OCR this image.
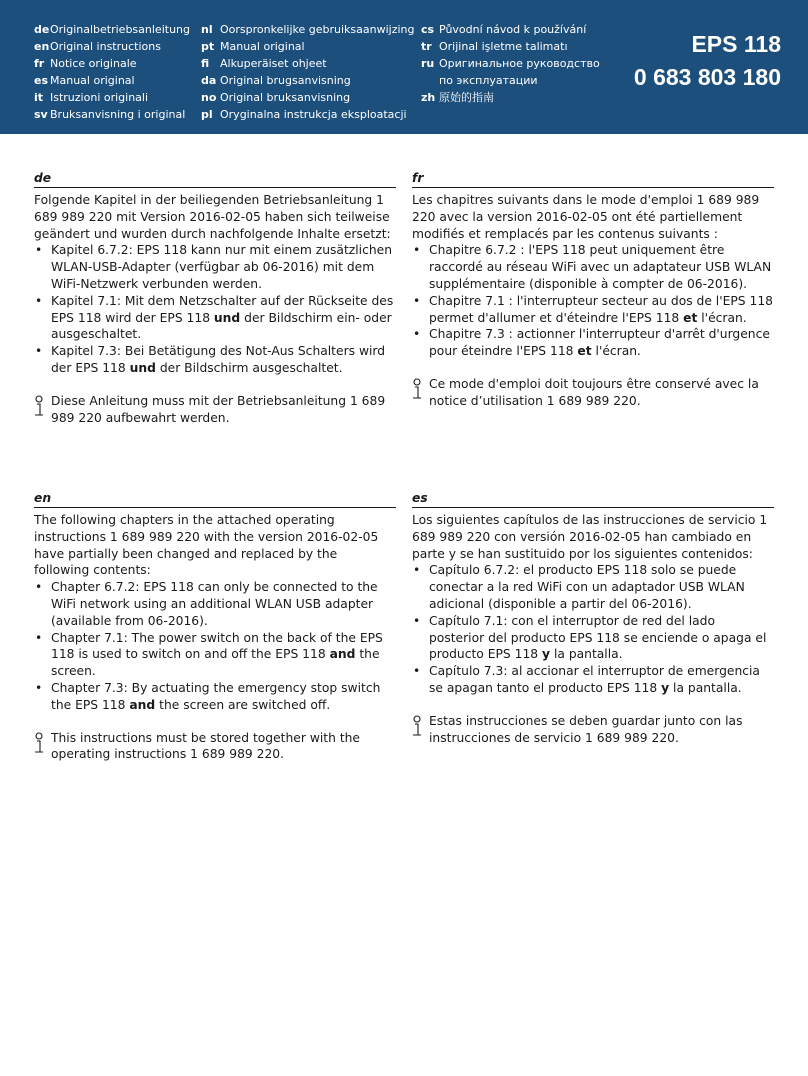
deOriginalbetriebsanleitung
enOriginal instructions
fr Notice originale
es Manual original
it Istruzioni originali
sv Bruksanvisning i original
nl Oorspronkelijke gebruiksaanwijzing
pt Manual original
fi Alkuperäiset ohjeet
da Original brugsanvisning
no Original bruksanvisning
pl Oryginalna instrukcja eksploatacji
cs Původní návod k používání
tr Orijinal işletme talimatı
ru Оригинальное руководство
по эксплуатации
zh 原始的指南
EPS 118
0 683 803 180
de

Folgende Kapitel in der beiliegenden Betriebsanleitung 1 689 989 220 mit Version 2016-02-05 haben sich teilweise geändert und wurden durch nachfolgende Inhalte ersetzt:

• Kapitel 6.7.2: EPS 118 kann nur mit einem zusätzlichen WLAN-USB-Adapter (verfügbar ab 06-2016) mit dem WiFi-Netzwerk verbunden werden.
• Kapitel 7.1: Mit dem Netzschalter auf der Rückseite des EPS 118 wird der EPS 118 und der Bildschirm ein- oder ausgeschaltet.
• Kapitel 7.3: Bei Betätigung des Not-Aus Schalters wird der EPS 118 und der Bildschirm ausgeschaltet.

Diese Anleitung muss mit der Betriebsanleitung 1 689 989 220 aufbewahrt werden.

fr

Les chapitres suivants dans le mode d'emploi 1 689 989 220 avec la version 2016-02-05 ont été partiellement modifiés et remplacés par les contenus suivants :

• Chapitre 6.7.2 : l'EPS 118 peut uniquement être raccordé au réseau WiFi avec un adaptateur USB WLAN supplémentaire (disponible à compter de 06-2016).
• Chapitre 7.1 : l'interrupteur secteur au dos de l'EPS 118 permet d'allumer et d'éteindre l'EPS 118 et l'écran.
• Chapitre 7.3 : actionner l'interrupteur d'arrêt d'urgence pour éteindre l'EPS 118 et l'écran.

Ce mode d'emploi doit toujours être conservé avec la notice d’utilisation 1 689 989 220.

en

The following chapters in the attached operating instructions 1 689 989 220 with the version 2016-02-05 have partially been changed and replaced by the following contents:

• Chapter 6.7.2: EPS 118 can only be connected to the WiFi network using an additional WLAN USB adapter (available from 06-2016).
• Chapter 7.1: The power switch on the back of the EPS 118 is used to switch on and off the EPS 118 and the screen.
• Chapter 7.3: By actuating the emergency stop switch the EPS 118 and the screen are switched off.

This instructions must be stored together with the operating instructions 1 689 989 220.

es

Los siguientes capítulos de las instrucciones de servicio 1 689 989 220 con versión 2016-02-05 han cambiado en parte y se han sustituido por los siguientes contenidos:

• Capítulo 6.7.2: el producto EPS 118 solo se puede conectar a la red WiFi con un adaptador USB WLAN adicional (disponible a partir del 06-2016).
• Capítulo 7.1: con el interruptor de red del lado posterior del producto EPS 118 se enciende o apaga el producto EPS 118 y la pantalla.
• Capítulo 7.3: al accionar el interruptor de emergencia se apagan tanto el producto EPS 118 y la pantalla.

Estas instrucciones se deben guardar junto con las instrucciones de servicio 1 689 989 220.
